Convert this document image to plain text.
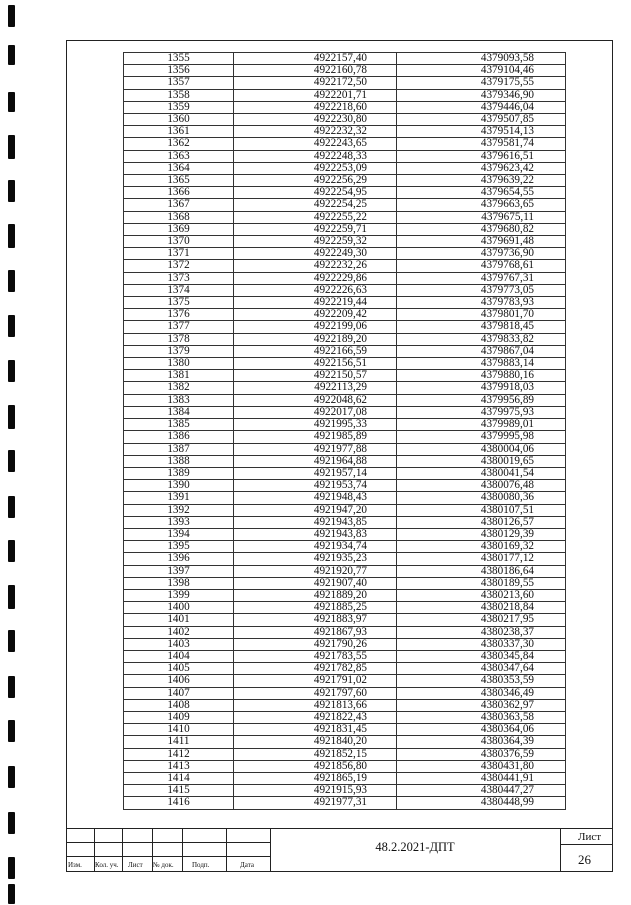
1355	4922157,40	4379093,58
1356	4922160,78	4379104,46
1357	4922172,50	4379175,55
1358	4922201,71	4379346,90
1359	4922218,60	4379446,04
1360	4922230,80	4379507,85
1361	4922232,32	4379514,13
1362	4922243,65	4379581,74
1363	4922248,33	4379616,51
1364	4922253,09	4379623,42
1365	4922256,29	4379639,22
1366	4922254,95	4379654,55
1367	4922254,25	4379663,65
1368	4922255,22	4379675,11
1369	4922259,71	4379680,82
1370	4922259,32	4379691,48
1371	4922249,30	4379736,90
1372	4922232,26	4379768,61
1373	4922229,86	4379767,31
1374	4922226,63	4379773,05
1375	4922219,44	4379783,93
1376	4922209,42	4379801,70
1377	4922199,06	4379818,45
1378	4922189,20	4379833,82
1379	4922166,59	4379867,04
1380	4922156,51	4379883,14
1381	4922150,57	4379880,16
1382	4922113,29	4379918,03
1383	4922048,62	4379956,89
1384	4922017,08	4379975,93
1385	4921995,33	4379989,01
1386	4921985,89	4379995,98
1387	4921977,88	4380004,06
1388	4921964,88	4380019,65
1389	4921957,14	4380041,54
1390	4921953,74	4380076,48
1391	4921948,43	4380080,36
1392	4921947,20	4380107,51
1393	4921943,85	4380126,57
1394	4921943,83	4380129,39
1395	4921934,74	4380169,32
1396	4921935,23	4380177,12
1397	4921920,77	4380186,64
1398	4921907,40	4380189,55
1399	4921889,20	4380213,60
1400	4921885,25	4380218,84
1401	4921883,97	4380217,95
1402	4921867,93	4380238,37
1403	4921790,26	4380337,30
1404	4921783,55	4380345,84
1405	4921782,85	4380347,64
1406	4921791,02	4380353,59
1407	4921797,60	4380346,49
1408	4921813,66	4380362,97
1409	4921822,43	4380363,58
1410	4921831,45	4380364,06
1411	4921840,20	4380364,39
1412	4921852,15	4380376,59
1413	4921856,80	4380431,80
1414	4921865,19	4380441,91
1415	4921915,93	4380447,27
1416	4921977,31	4380448,99
Изм. Кол. уч. Лист № док.	Подп.	Дата
48.2.2021-ДПТ
Лист
26
